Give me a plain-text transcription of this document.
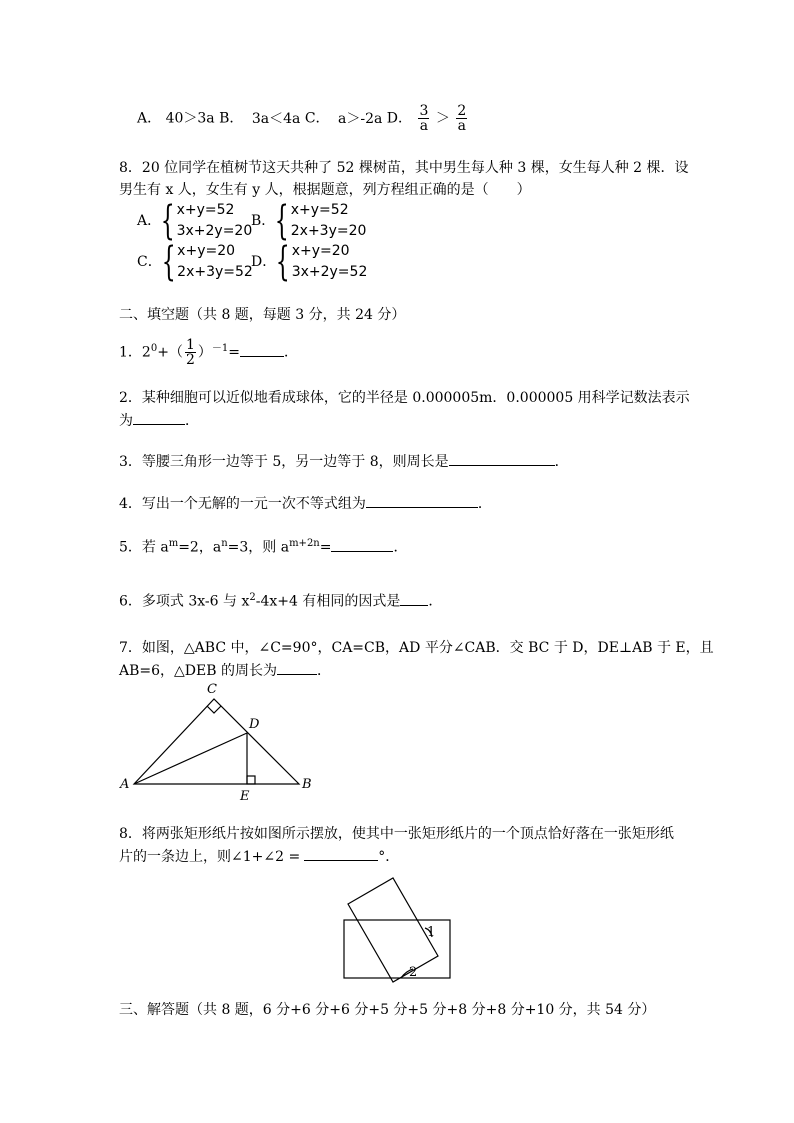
A． 40＞3a B． 3a＜4a C． a＞-2a D． $\frac{3}{a} > \frac{2}{a}$
8．20 位同学在植树节这天共种了 52 棵树苗，其中男生每人种 3 棵，女生每人种 2 棵．设
男生有 x 人，女生有 y 人，根据题意，列方程组正确的是（　　）
A． { x+y=52
3x+2y=20
B． { x+y=52
2x+3y=20
C． { x+y=20
2x+3y=52
D． { x+y=20
3x+2y=52
二、填空题（共 8 题，每题 3 分，共 24 分）
1．$2^0+( \frac{1}{2} )^{-1}=$	．
2．某种细胞可以近似地看成球体，它的半径是 0.000005m．0.000005 用科学记数法表示
为	．
3．等腰三角形一边等于 5，另一边等于 8，则周长是	．
4．写出一个无解的一元一次不等式组为	．
5．若 $a^m=2$，$a^n=3$，则 $a^{m+2n}=$	．
6．多项式 3x-6 与 $x^2-4x+4$ 有相同的因式是 ．
7．如图，△ABC 中，∠C=90°，CA=CB，AD 平分∠CAB．交 BC 于 D，DE⊥AB 于 E，且
AB=6，△DEB 的周长为	．
C
D
A
E
B
8．将两张矩形纸片按如图所示摆放，使其中一张矩形纸片的一个顶点恰好落在一张矩形纸
片的一条边上，则∠1+∠2 =	°．
1
2
三、解答题（共 8 题，6 分+6 分+6 分+5 分+5 分+8 分+8 分+10 分，共 54 分）
